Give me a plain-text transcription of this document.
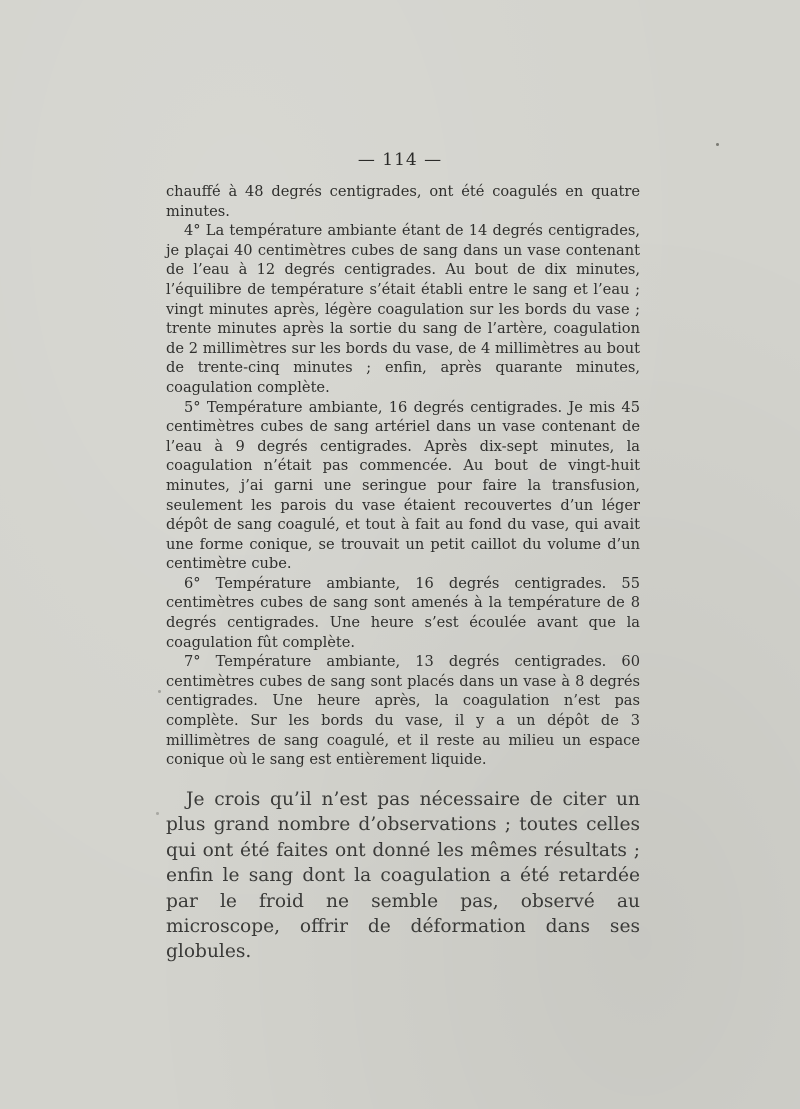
— 114 —

chauffé à 48 degrés centigrades, ont été coagulés en quatre minutes.

4° La température ambiante étant de 14 degrés centigrades, je plaçai 40 centimètres cubes de sang dans un vase contenant de l’eau à 12 degrés centigrades. Au bout de dix minutes, l’équilibre de température s’était établi entre le sang et l’eau ; vingt minutes après, légère coagulation sur les bords du vase ; trente minutes après la sortie du sang de l’artère, coagulation de 2 millimètres sur les bords du vase, de 4 millimètres au bout de trente-cinq minutes ; enfin, après quarante minutes, coagulation complète.

5° Température ambiante, 16 degrés centigrades. Je mis 45 centimètres cubes de sang artériel dans un vase contenant de l’eau à 9 degrés centigrades. Après dix-sept minutes, la coagulation n’était pas commencée. Au bout de vingt-huit minutes, j’ai garni une seringue pour faire la transfusion, seulement les parois du vase étaient recouvertes d’un léger dépôt de sang coagulé, et tout à fait au fond du vase, qui avait une forme conique, se trouvait un petit caillot du volume d’un centimètre cube.

6° Température ambiante, 16 degrés centigrades. 55 centimètres cubes de sang sont amenés à la température de 8 degrés centigrades. Une heure s’est écoulée avant que la coagulation fût complète.

7° Température ambiante, 13 degrés centigrades. 60 centimètres cubes de sang sont placés dans un vase à 8 degrés centigrades. Une heure après, la coagulation n’est pas complète. Sur les bords du vase, il y a un dépôt de 3 millimètres de sang coagulé, et il reste au milieu un espace conique où le sang est entièrement liquide.

Je crois qu’il n’est pas nécessaire de citer un plus grand nombre d’observations ; toutes celles qui ont été faites ont donné les mêmes résultats ; enfin le sang dont la coagulation a été retardée par le froid ne semble pas, observé au microscope, offrir de déformation dans ses globules.
